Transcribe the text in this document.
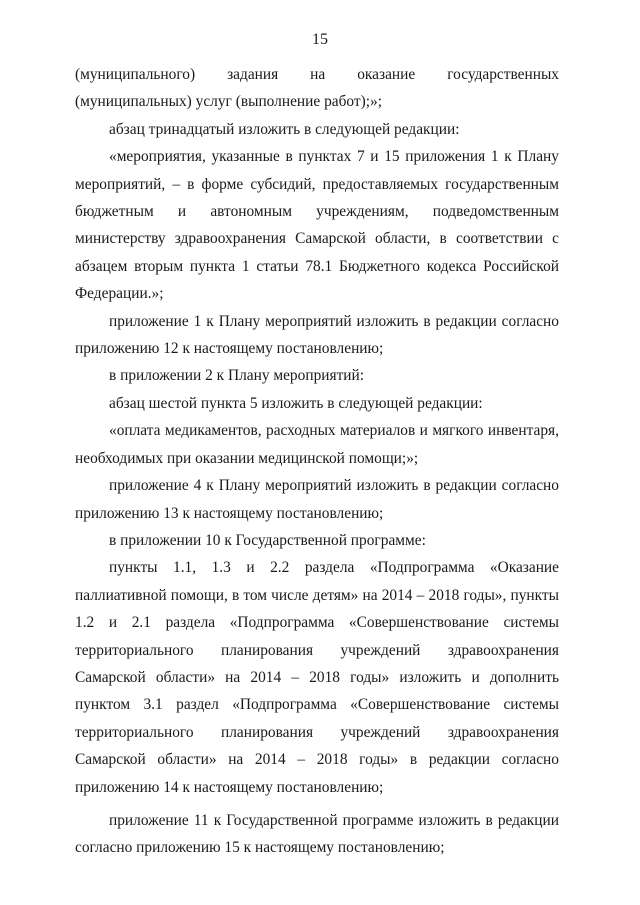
15

(муниципального) задания на оказание государственных (муниципальных) услуг (выполнение работ);»;

абзац тринадцатый изложить в следующей редакции:

«мероприятия, указанные в пунктах 7 и 15 приложения 1 к Плану мероприятий, – в форме субсидий, предоставляемых государственным бюджетным и автономным учреждениям, подведомственным министерству здравоохранения Самарской области, в соответствии с абзацем вторым пункта 1 статьи 78.1 Бюджетного кодекса Российской Федерации.»;

приложение 1 к Плану мероприятий изложить в редакции согласно приложению 12 к настоящему постановлению;

в приложении 2 к Плану мероприятий:

абзац шестой пункта 5 изложить в следующей редакции:

«оплата медикаментов, расходных материалов и мягкого инвентаря, необходимых при оказании медицинской помощи;»;

приложение 4 к Плану мероприятий изложить в редакции согласно приложению 13 к настоящему постановлению;

в приложении 10 к Государственной программе:

пункты 1.1, 1.3 и 2.2 раздела «Подпрограмма «Оказание паллиативной помощи, в том числе детям» на 2014 – 2018 годы», пункты 1.2 и 2.1 раздела «Подпрограмма «Совершенствование системы территориального планирования учреждений здравоохранения Самарской области» на 2014 – 2018 годы» изложить и дополнить пунктом 3.1 раздел «Подпрограмма «Совершенствование системы территориального планирования учреждений здравоохранения Самарской области» на 2014 – 2018 годы» в редакции согласно приложению 14 к настоящему постановлению;

приложение 11 к Государственной программе изложить в редакции согласно приложению 15 к настоящему постановлению;
